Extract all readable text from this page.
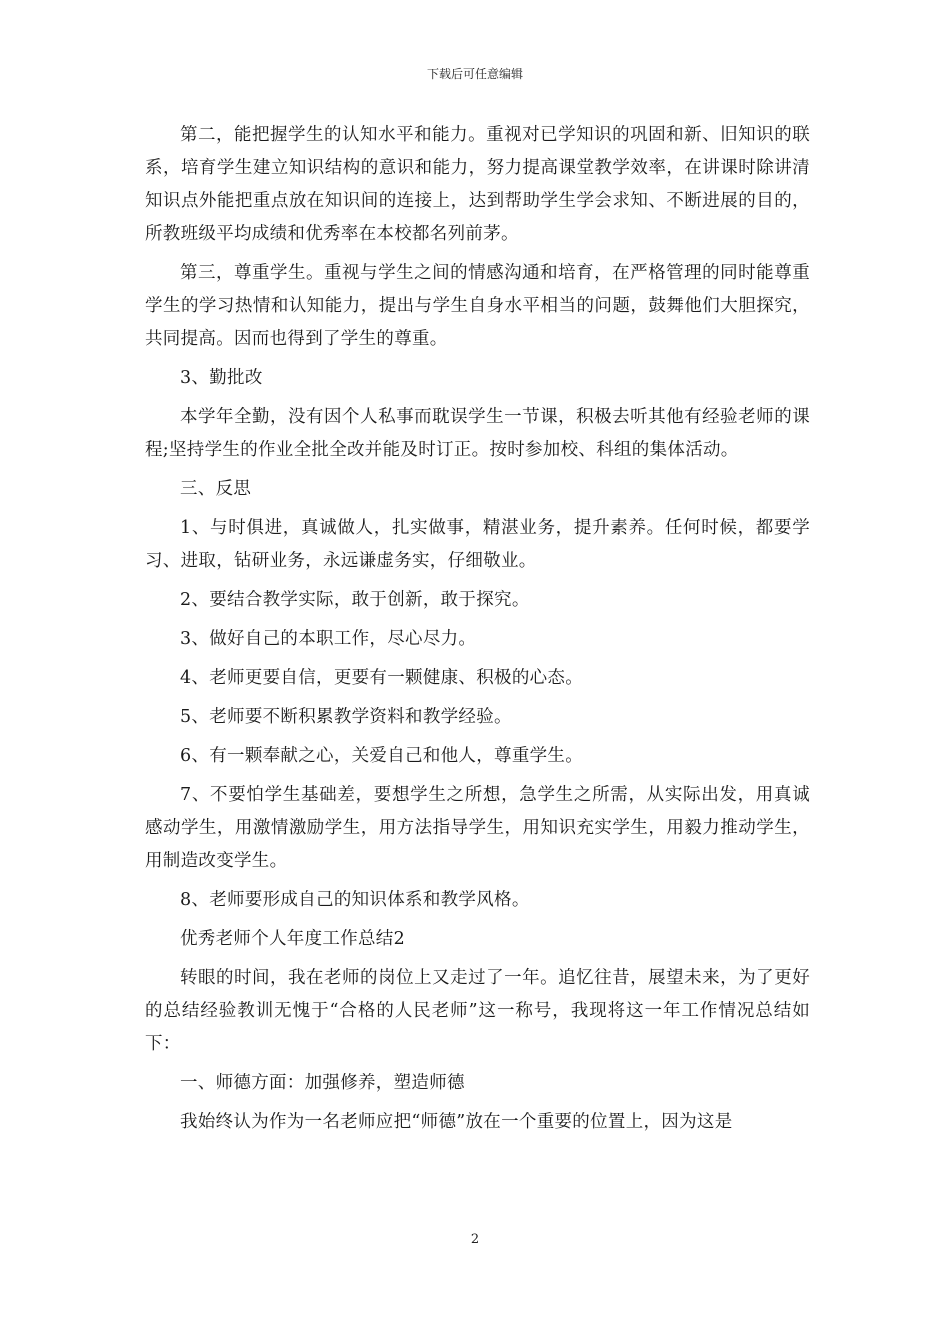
下载后可任意编辑

第二，能把握学生的认知水平和能力。重视对已学知识的巩固和新、旧知识的联系，培育学生建立知识结构的意识和能力，努力提高课堂教学效率，在讲课时除讲清知识点外能把重点放在知识间的连接上，达到帮助学生学会求知、不断进展的目的，所教班级平均成绩和优秀率在本校都名列前茅。

第三，尊重学生。重视与学生之间的情感沟通和培育，在严格管理的同时能尊重学生的学习热情和认知能力，提出与学生自身水平相当的问题，鼓舞他们大胆探究，共同提高。因而也得到了学生的尊重。

3、勤批改

本学年全勤，没有因个人私事而耽误学生一节课，积极去听其他有经验老师的课程;坚持学生的作业全批全改并能及时订正。按时参加校、科组的集体活动。

三、反思

1、与时俱进，真诚做人，扎实做事，精湛业务，提升素养。任何时候，都要学习、进取，钻研业务，永远谦虚务实，仔细敬业。

2、要结合教学实际，敢于创新，敢于探究。

3、做好自己的本职工作，尽心尽力。

4、老师更要自信，更要有一颗健康、积极的心态。

5、老师要不断积累教学资料和教学经验。

6、有一颗奉献之心，关爱自己和他人，尊重学生。

7、不要怕学生基础差，要想学生之所想，急学生之所需，从实际出发，用真诚感动学生，用激情激励学生，用方法指导学生，用知识充实学生，用毅力推动学生，用制造改变学生。

8、老师要形成自己的知识体系和教学风格。

优秀老师个人年度工作总结2

转眼的时间，我在老师的岗位上又走过了一年。追忆往昔，展望未来，为了更好的总结经验教训无愧于“合格的人民老师”这一称号，我现将这一年工作情况总结如下：

一、师德方面：加强修养，塑造师德

我始终认为作为一名老师应把“师德”放在一个重要的位置上，因为这是

2
